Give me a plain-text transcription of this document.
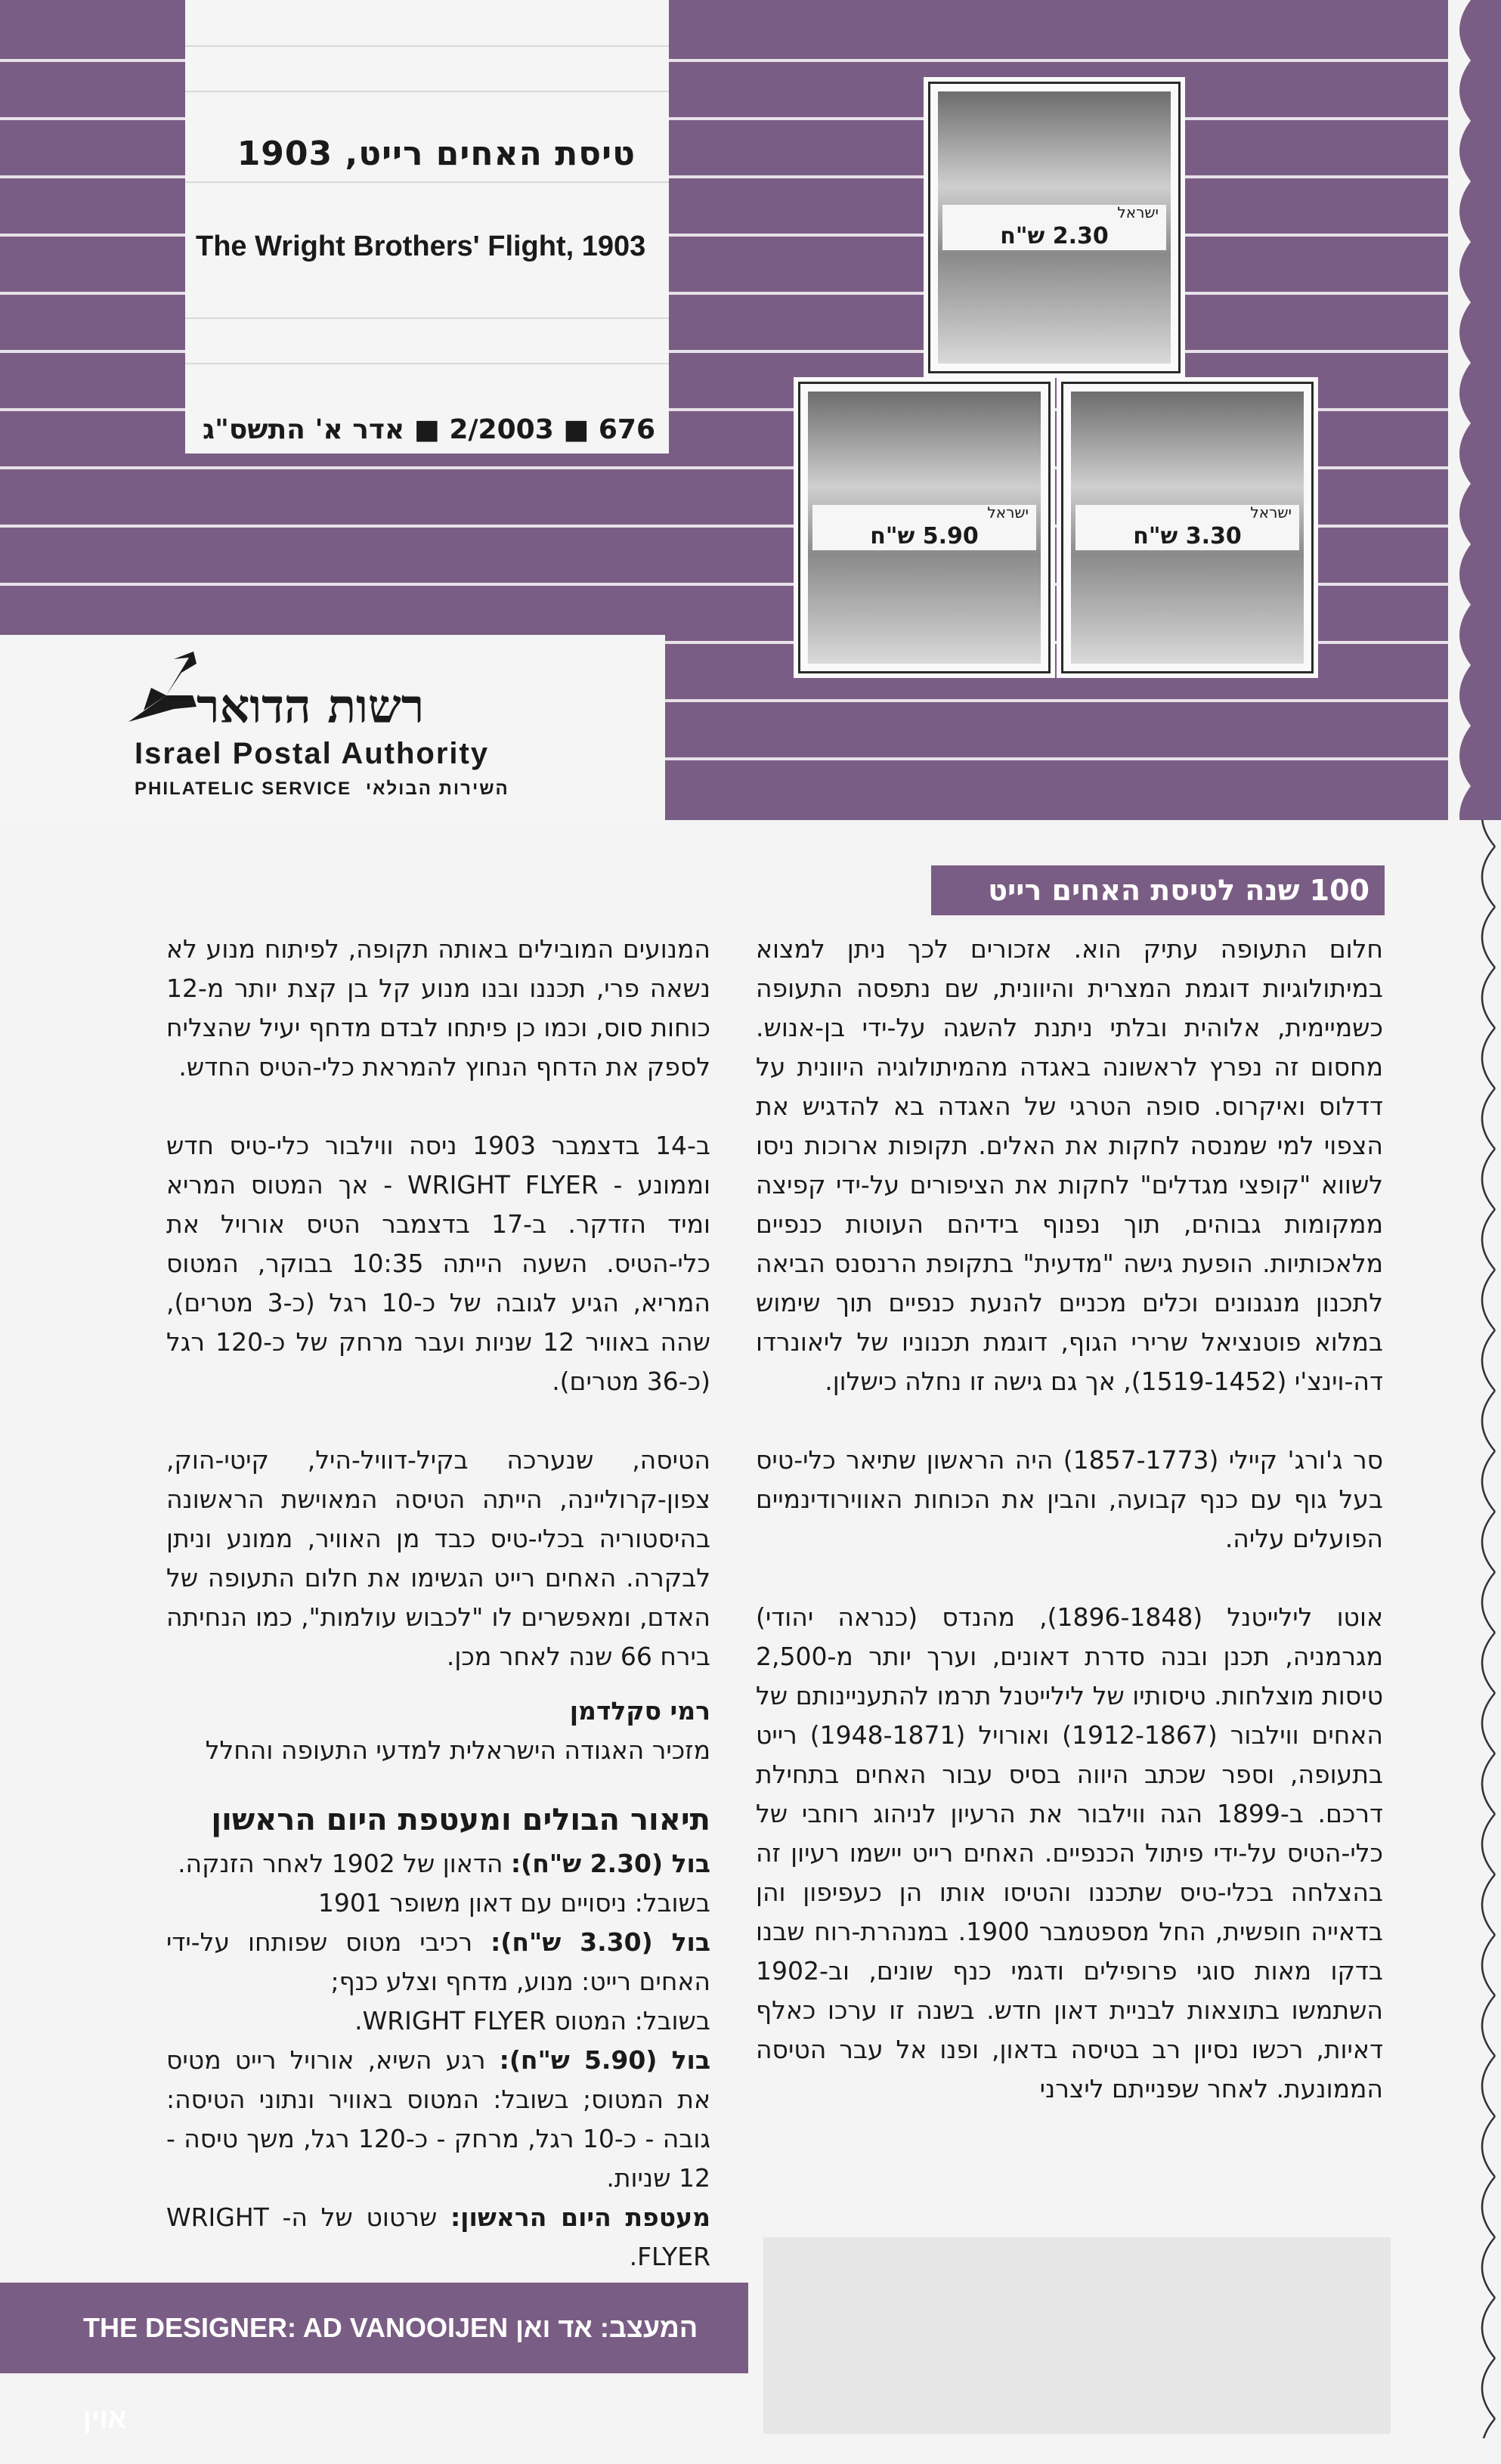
טיסת האחים רייט, 1903
The Wright Brothers' Flight, 1903
676 ■ 2/2003 ■ אדר א' התשס"ג
ישראל
2.30 ש"ח
ישראל
5.90 ש"ח
ישראל
3.30 ש"ח
רשות הדואר
Israel Postal Authority
PHILATELIC SERVICE השירות הבולאי
100 שנה לטיסת האחים רייט

חלום התעופה עתיק הוא. אזכורים לכך ניתן למצוא במיתולוגיות דוגמת המצרית והיוונית, שם נתפסה התעופה כשמיימית, אלוהית ובלתי ניתנת להשגה על-ידי בן-אנוש. מחסום זה נפרץ לראשונה באגדה מהמיתולוגיה היוונית על דדלוס ואיקרוס. סופה הטרגי של האגדה בא להדגיש את הצפוי למי שמנסה לחקות את האלים. תקופות ארוכות ניסו לשווא "קופצי מגדלים" לחקות את הציפורים על-ידי קפיצה ממקומות גבוהים, תוך נפנוף בידיהם העוטות כנפיים מלאכותיות. הופעת גישה "מדעית" בתקופת הרנסנס הביאה לתכנון מנגנונים וכלים מכניים להנעת כנפיים תוך שימוש במלוא פוטנציאל שרירי הגוף, דוגמת תכנוניו של ליאונרדו דה-וינצ'י (1519-1452), אך גם גישה זו נחלה כישלון.

סר ג'ורג' קיילי (1857-1773) היה הראשון שתיאר כלי-טיס בעל גוף עם כנף קבועה, והבין את הכוחות האווירודינמיים הפועלים עליה.

אוטו לילייטנל (1896-1848), מהנדס (כנראה יהודי) מגרמניה, תכנן ובנה סדרת דאונים, וערך יותר מ-2,500 טיסות מוצלחות. טיסותיו של לילייטנל תרמו להתעניינותם של האחים ווילבור (1912-1867) ואורויל (1948-1871) רייט בתעופה, וספר שכתב היווה בסיס עבור האחים בתחילת דרכם. ב-1899 הגה ווילבור את הרעיון לניהוג רוחבי של כלי-הטיס על-ידי פיתול הכנפיים. האחים רייט יישמו רעיון זה בהצלחה בכלי-טיס שתכננו והטיסו אותו הן כעפיפון והן בדאייה חופשית, החל מספטמבר 1900. במנהרת-רוח שבנו בדקו מאות סוגי פרופילים ודגמי כנף שונים, וב-1902 השתמשו בתוצאות לבניית דאון חדש. בשנה זו ערכו כאלף דאיות, רכשו נסיון רב בטיסה בדאון, ופנו אל עבר הטיסה הממונעת. לאחר שפנייתם ליצרני

המנועים המובילים באותה תקופה, לפיתוח מנוע לא נשאה פרי, תכננו ובנו מנוע קל בן קצת יותר מ-12 כוחות סוס, וכמו כן פיתחו לבדם מדחף יעיל שהצליח לספק את הדחף הנחוץ להמראת כלי-הטיס החדש.

ב-14 בדצמבר 1903 ניסה ווילבור כלי-טיס חדש וממונע - WRIGHT FLYER - אך המטוס המריא ומיד הזדקר. ב-17 בדצמבר הטיס אורויל את כלי-הטיס. השעה הייתה 10:35 בבוקר, המטוס המריא, הגיע לגובה של כ-10 רגל (כ-3 מטרים), שהה באוויר 12 שניות ועבר מרחק של כ-120 רגל (כ-36 מטרים).

הטיסה, שנערכה בקיל-דוויל-היל, קיטי-הוק, צפון-קרוליינה, הייתה הטיסה המאוישת הראשונה בהיסטוריה בכלי-טיס כבד מן האוויר, ממונע וניתן לבקרה. האחים רייט הגשימו את חלום התעופה של האדם, ומאפשרים לו "לכבוש עולמות", כמו הנחיתה בירח 66 שנה לאחר מכן.

רמי סקלדמן

מזכיר האגודה הישראלית למדעי התעופה והחלל

תיאור הבולים ומעטפת היום הראשון

בול (2.30 ש"ח): הדאון של 1902 לאחר הזנקה.

בשובל: ניסויים עם דאון משופר 1901

בול (3.30 ש"ח): רכיבי מטוס שפותחו על-ידי האחים רייט: מנוע, מדחף וצלע כנף;

בשובל: המטוס WRIGHT FLYER.

בול (5.90 ש"ח): רגע השיא, אורויל רייט מטיס את המטוס; בשובל: המטוס באוויר ונתוני הטיסה: גובה - כ-10 רגל, מרחק - כ-120 רגל, משך טיסה - 12 שניות.

מעטפת היום הראשון: שרטוט של ה- WRIGHT FLYER.

THE DESIGNER: AD VANOOIJEN המעצב: אד ואן אוין
